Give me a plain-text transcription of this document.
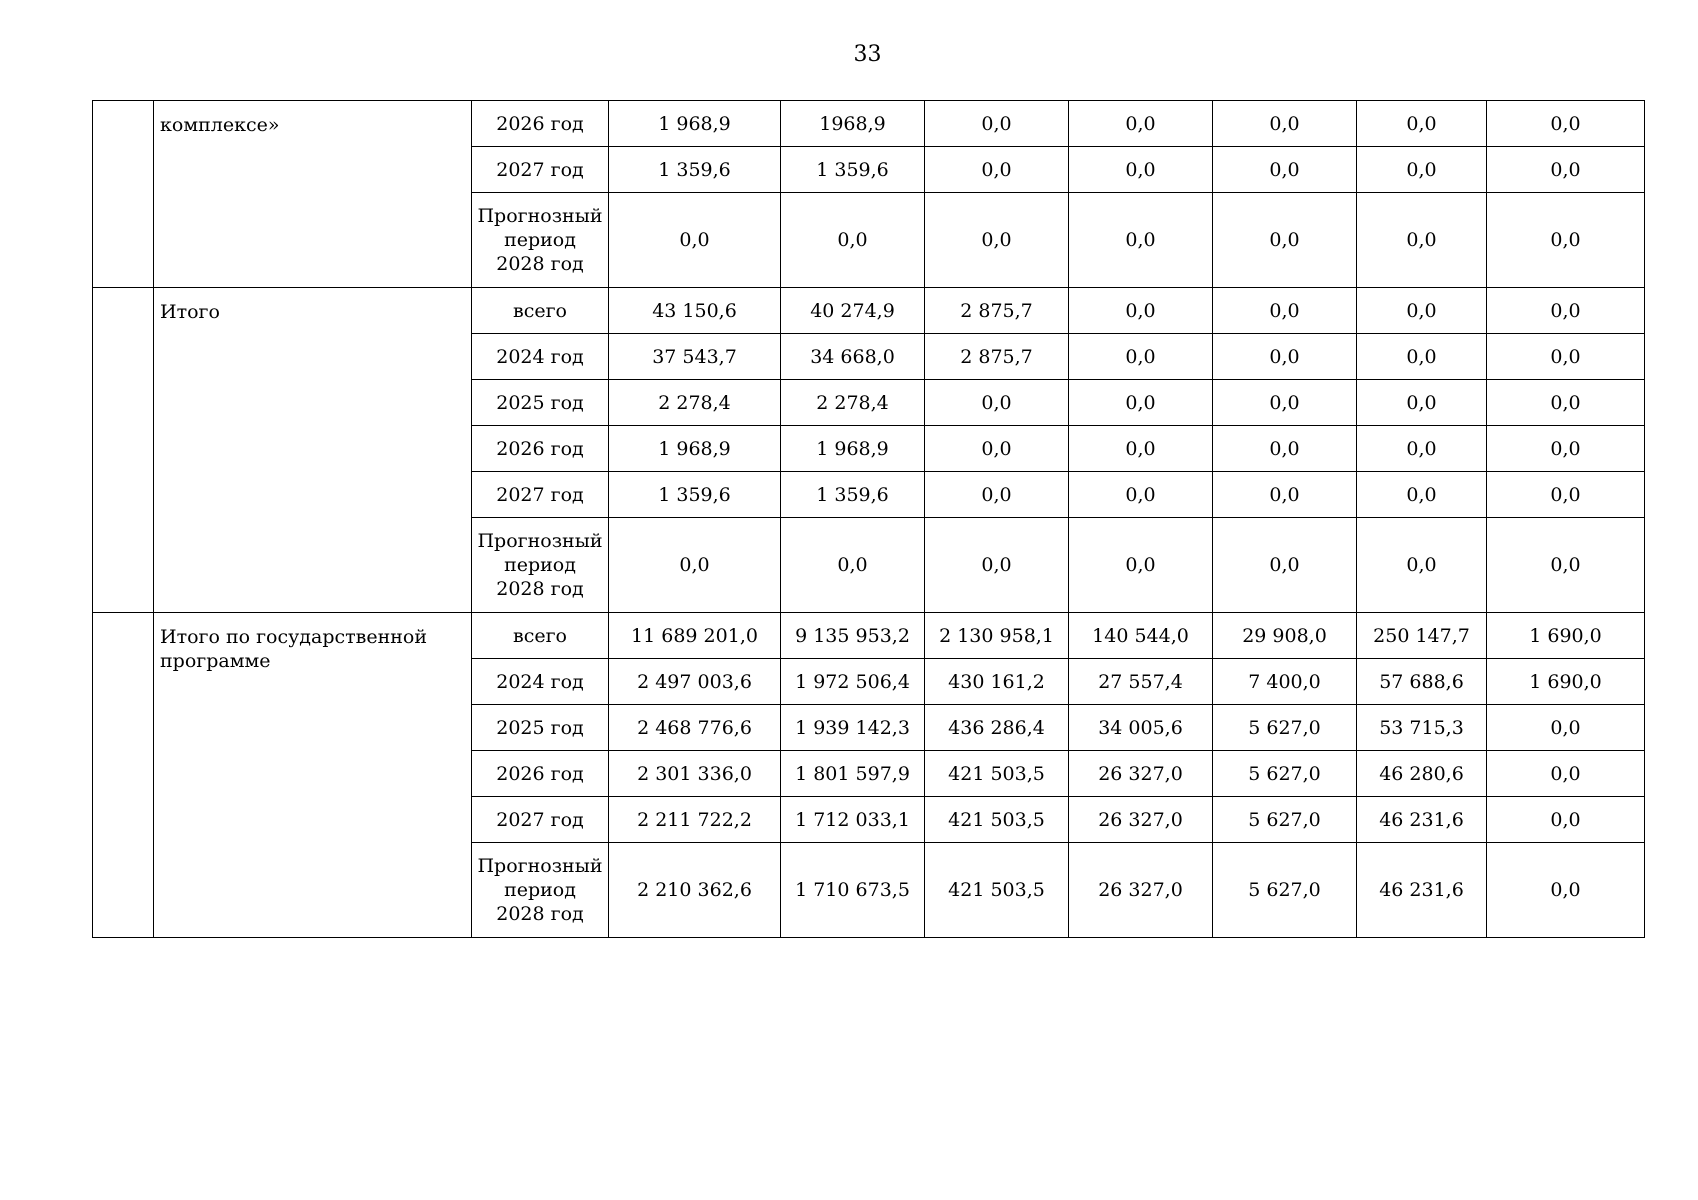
33
	комплексе»	2026 год	1 968,9	1968,9	0,0	0,0	0,0	0,0	0,0
		2027 год	1 359,6	1 359,6	0,0	0,0	0,0	0,0	0,0
		Прогнозный
период
2028 год	0,0	0,0	0,0	0,0	0,0	0,0	0,0
	Итого	всего	43 150,6	40 274,9	2 875,7	0,0	0,0	0,0	0,0
		2024 год	37 543,7	34 668,0	2 875,7	0,0	0,0	0,0	0,0
		2025 год	2 278,4	2 278,4	0,0	0,0	0,0	0,0	0,0
		2026 год	1 968,9	1 968,9	0,0	0,0	0,0	0,0	0,0
		2027 год	1 359,6	1 359,6	0,0	0,0	0,0	0,0	0,0
		Прогнозный
период
2028 год	0,0	0,0	0,0	0,0	0,0	0,0	0,0
	Итого по государственной программе	всего	11 689 201,0	9 135 953,2	2 130 958,1	140 544,0	29 908,0	250 147,7	1 690,0
		2024 год	2 497 003,6	1 972 506,4	430 161,2	27 557,4	7 400,0	57 688,6	1 690,0
		2025 год	2 468 776,6	1 939 142,3	436 286,4	34 005,6	5 627,0	53 715,3	0,0
		2026 год	2 301 336,0	1 801 597,9	421 503,5	26 327,0	5 627,0	46 280,6	0,0
		2027 год	2 211 722,2	1 712 033,1	421 503,5	26 327,0	5 627,0	46 231,6	0,0
		Прогнозный
период
2028 год	2 210 362,6	1 710 673,5	421 503,5	26 327,0	5 627,0	46 231,6	0,0
